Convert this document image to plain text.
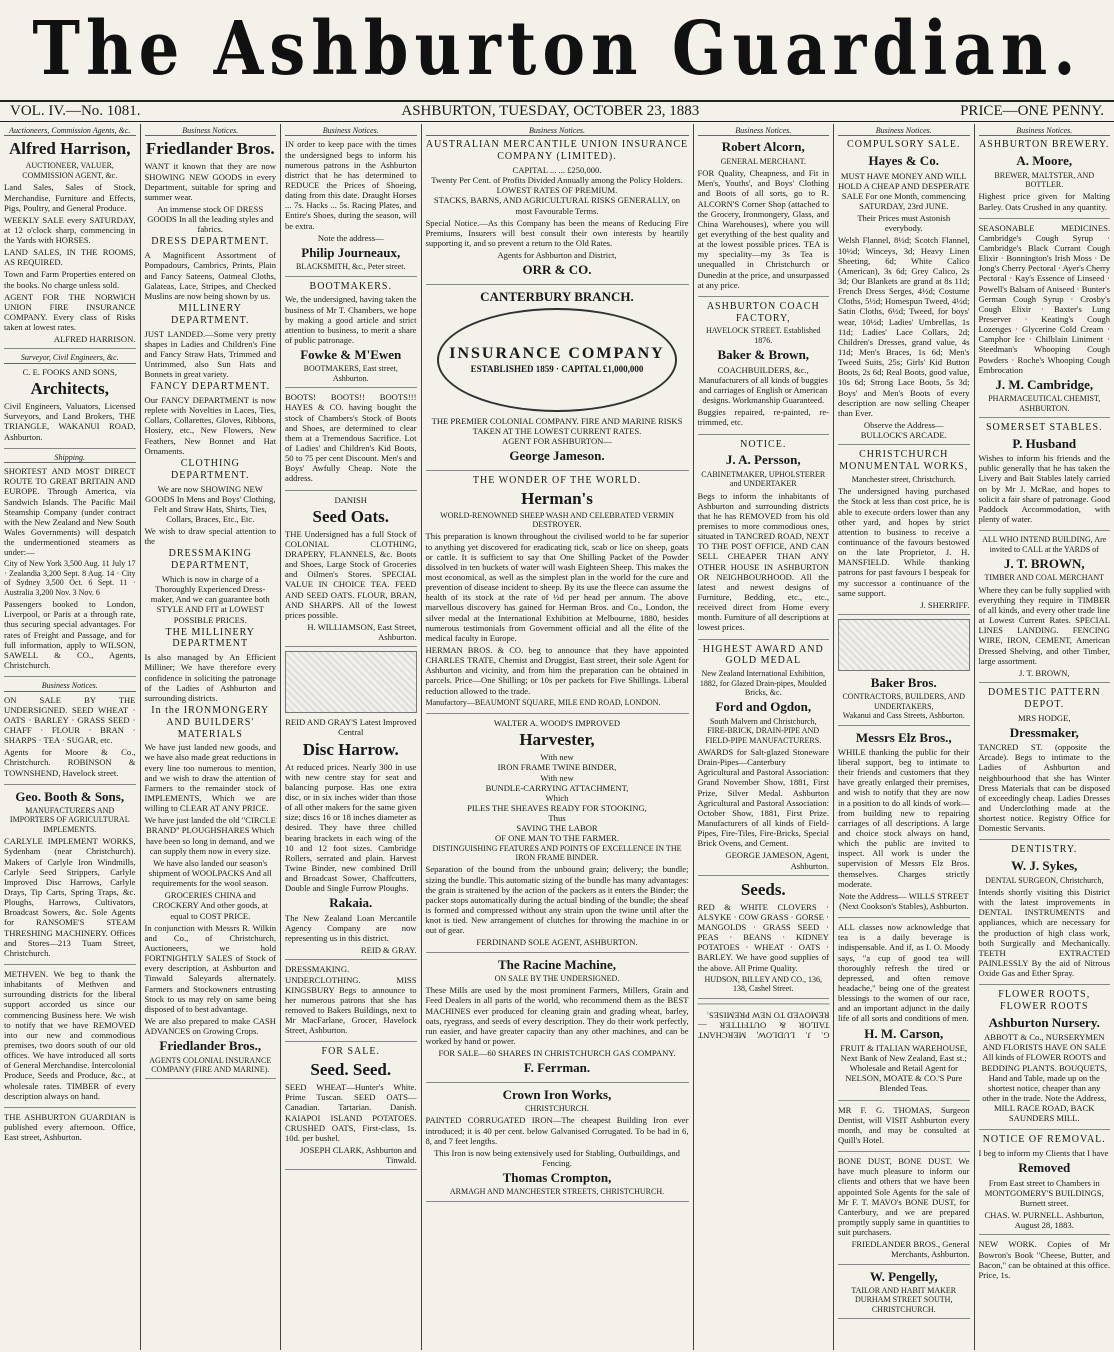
The Ashburton Guardian.
VOL. IV.—No. 1081.	ASHBURTON, TUESDAY, OCTOBER 23, 1883	PRICE—ONE PENNY.
Auctioneers, Commission Agents, &c.
Alfred Harrison,
AUCTIONEER, VALUER, COMMISSION AGENT, &c.

Land Sales, Sales of Stock, Merchandise, Furniture and Effects, Pigs, Poultry, and General Produce.

WEEKLY SALE every SATURDAY, at 12 o'clock sharp, commencing in the Yards with HORSES.

LAND SALES, IN THE ROOMS, AS REQUIRED.

Town and Farm Properties entered on the books. No charge unless sold.

AGENT FOR THE NORWICH UNION FIRE INSURANCE COMPANY. Every class of Risks taken at lowest rates.

ALFRED HARRISON.
Surveyor, Civil Engineers, &c.
C. E. FOOKS AND SONS,
Architects,

Civil Engineers, Valuators, Licensed Surveyors, and Land Brokers, THE TRIANGLE, WAKANUI ROAD, Ashburton.

Shipping.

SHORTEST AND MOST DIRECT ROUTE TO GREAT BRITAIN AND EUROPE. Through America, via Sandwich Islands. The Pacific Mail Steamship Company (under contract with the New Zealand and New South Wales Governments) will despatch the undermentioned steamers as under:—

City of New York 3,500 Aug. 11 July 17 · Zealandia 3,200 Sept. 8 Aug. 14 · City of Sydney 3,500 Oct. 6 Sept. 11 · Australia 3,200 Nov. 3 Nov. 6

Passengers booked to London, Liverpool, or Paris at a through rate, thus securing special advantages. For rates of Freight and Passage, and for full information, apply to WILSON, SAWELL & CO., Agents, Christchurch.

Business Notices.

ON SALE BY THE UNDERSIGNED. SEED WHEAT · OATS · BARLEY · GRASS SEED · CHAFF · FLOUR · BRAN · SHARPS · TEA · SUGAR, etc.

Agents for Moore & Co., Christchurch. ROBINSON & TOWNSHEND, Havelock street.

Geo. Booth & Sons,
MANUFACTURERS AND IMPORTERS OF AGRICULTURAL IMPLEMENTS.

CARLYLE IMPLEMENT WORKS, Sydenham (near Christchurch). Makers of Carlyle Iron Windmills, Carlyle Seed Strippers, Carlyle Improved Disc Harrows, Carlyle Drays, Tip Carts, Spring Traps, &c. Ploughs, Harrows, Cultivators, Broadcast Sowers, &c. Sole Agents for RANSOME'S STEAM THRESHING MACHINERY. Offices and Stores—213 Tuam Street, Christchurch.

METHVEN. We beg to thank the inhabitants of Methven and surrounding districts for the liberal support accorded us since our commencing Business here. We wish to notify that we have REMOVED into our new and commodious premises, two doors south of our old offices. We have introduced all sorts of General Merchandise. Intercolonial Produce, Seeds and Produce, &c., at wholesale rates. TIMBER of every description always on hand.

THE ASHBURTON GUARDIAN is published every afternoon. Office, East street, Ashburton.

Business Notices.
Friedlander Bros.

WANT it known that they are now SHOWING NEW GOODS in every Department, suitable for spring and summer wear.

An immense stock OF DRESS GOODS In all the leading styles and fabrics.

DRESS DEPARTMENT.

A Magnificent Assortment of Pompadours, Cambrics, Prints, Plain and Fancy Sateens, Oatmeal Cloths, Galateas, Lace, Stripes, and Checked Muslins are now being shown by us.

MILLINERY DEPARTMENT.

JUST LANDED.—Some very pretty shapes in Ladies and Children's Fine and Fancy Straw Hats, Trimmed and Untrimmed, also Sun Hats and Bonnets in great variety.

FANCY DEPARTMENT.

Our FANCY DEPARTMENT is now replete with Novelties in Laces, Ties, Collars, Collarettes, Gloves, Ribbons, Hosiery, etc., New Flowers, New Feathers, New Bonnet and Hat Ornaments.

CLOTHING DEPARTMENT.

We are now SHOWING NEW GOODS In Mens and Boys' Clothing, Felt and Straw Hats, Shirts, Ties, Collars, Braces, Etc., Etc.

We wish to draw special attention to the

DRESSMAKING DEPARTMENT,

Which is now in charge of a Thoroughly Experienced Dress-maker, And we can guarantee both STYLE AND FIT at LOWEST POSSIBLE PRICES.

THE MILLINERY DEPARTMENT

Is also managed by An Efficient Milliner; We have therefore every confidence in soliciting the patronage of the Ladies of Ashburton and surrounding districts.

In the IRONMONGERY AND BUILDERS' MATERIALS

We have just landed new goods, and we have also made great reductions in every line too numerous to mention, and we wish to draw the attention of Farmers to the remainder stock of IMPLEMENTS, Which we are willing to CLEAR AT ANY PRICE.

We have just landed the old "CIRCLE BRAND" PLOUGHSHARES Which have been so long in demand, and we can supply them now in every size.

We have also landed our season's shipment of WOOLPACKS And all requirements for the wool season.

GROCERIES CHINA and CROCKERY And other goods, at equal to COST PRICE.

In conjunction with Messrs R. Wilkin and Co., of Christchurch, Auctioneers, we hold FORTNIGHTLY SALES of Stock of every description, at Ashburton and Tinwald Saleyards alternately. Farmers and Stockowners entrusting Stock to us may rely on same being disposed of to best advantage.

We are also prepared to make CASH ADVANCES on Growing Crops.

Friedlander Bros.,
AGENTS COLONIAL INSURANCE COMPANY (FIRE AND MARINE).
Business Notices.

IN order to keep pace with the times the undersigned begs to inform his numerous patrons in the Ashburton district that he has determined to REDUCE the Prices of Shoeing, dating from this date. Draught Horses ... 7s. Hacks ... 5s. Racing Plates, and Entire's Shoes, during the season, will be extra.

Note the address—

Philip Journeaux,
BLACKSMITH, &c., Peter street.
BOOTMAKERS.

We, the undersigned, having taken the business of Mr T. Chambers, we hope by making a good article and strict attention to business, to merit a share of public patronage.

Fowke & M'Ewen
BOOTMAKERS, East street, Ashburton.

BOOTS! BOOTS!! BOOTS!!! HAYES & CO. having bought the stock of Chambers's Stock of Boots and Shoes, are determined to clear them at a Tremendous Sacrifice. Lot of Ladies' and Children's Kid Boots, 50 to 75 per cent Discount. Men's and Boys' Awfully Cheap. Note the address.

DANISH
Seed Oats.

THE Undersigned has a full Stock of COLONIAL CLOTHING, DRAPERY, FLANNELS, &c. Boots and Shoes, Large Stock of Groceries and Oilmen's Stores. SPECIAL VALUE IN CHOICE TEA. FEED AND SEED OATS. FLOUR, BRAN, AND SHARPS. All of the lowest prices possible.

H. WILLIAMSON, East Street, Ashburton.
REID AND GRAY'S Latest Improved Central
Disc Harrow.

At reduced prices. Nearly 300 in use with new centre stay for seat and balancing purpose. Has one extra disc, or in six inches wider than those of all other makers for the same given size; discs 16 or 18 inches diameter as desired. They have three chilled bearing brackets in each wing of the 10 and 12 foot sizes. Cambridge Rollers, serrated and plain. Harvest Twine Binder, new combined Drill and Broadcast Sower, Chaffcutters, Double and Single Furrow Ploughs.

Rakaia.

The New Zealand Loan Mercantile Agency Company are now representing us in this district.

REID & GRAY.

DRESSMAKING. UNDERCLOTHING. MISS KINGSBURY Begs to announce to her numerous patrons that she has removed to Bakers Buildings, next to Mr MacFarlane, Grocer, Havelock Street, Ashburton.

FOR SALE.
Seed. Seed.

SEED WHEAT—Hunter's White. Prime Tuscan. SEED OATS—Canadian. Tartarian. Danish. KAIAPOI ISLAND POTATOES. CRUSHED OATS, First-class, 1s. 10d. per bushel.

JOSEPH CLARK, Ashburton and Tinwald.
Business Notices.
AUSTRALIAN MERCANTILE UNION INSURANCE COMPANY (LIMITED).
CAPITAL ... ... £250,000.
Twenty Per Cent. of Profits Divided Annually among the Policy Holders.
LOWEST RATES OF PREMIUM.
STACKS, BARNS, AND AGRICULTURAL RISKS GENERALLY, on most Favourable Terms.

Special Notice.—As this Company has been the means of Reducing Fire Premiums, Insurers will best consult their own interests by heartily supporting it, and so prevent a return to the Old Rates.

Agents for Ashburton and District,
ORR & CO.
CANTERBURY BRANCH.
INSURANCE COMPANY
ESTABLISHED 1859 · CAPITAL £1,000,000
THE PREMIER COLONIAL COMPANY. FIRE AND MARINE RISKS TAKEN AT THE LOWEST CURRENT RATES.
AGENT FOR ASHBURTON—
George Jameson.
THE WONDER OF THE WORLD.
Herman's
WORLD-RENOWNED SHEEP WASH AND CELEBRATED VERMIN DESTROYER.

This preparation is known throughout the civilised world to be far superior to anything yet discovered for eradicating tick, scab or lice on sheep, goats or cattle. It is sufficient to say that One Shilling Packet of the Powder dissolved in ten buckets of water will wash Eighteen Sheep. This makes the most economical, as well as the simplest plan in the world for the cure and prevention of disease incident to sheep. By its use the fleece can assume the health of its stock at the rate of ½d per head per annum. The above marvellous discovery has gained for Herman Bros. and Co., London, the silver medal at the International Exhibition at Melbourne, 1880, besides numerous testimonials from Government official and all the élite of the medical faculty in Europe.

HERMAN BROS. & CO. beg to announce that they have appointed CHARLES TRATE, Chemist and Druggist, East street, their sole Agent for Ashburton and vicinity, and from him the preparation can be obtained in parcels. Price—One Shilling; or 10s per packets for Five Shillings. Liberal reduction allowed to the trade.

Manufactory—BEAUMONT SQUARE, MILE END ROAD, LONDON.

WALTER A. WOOD'S IMPROVED
Harvester,
With new
IRON FRAME TWINE BINDER,
With new
BUNDLE-CARRYING ATTACHMENT,
Which
PILES THE SHEAVES READY FOR STOOKING,
Thus
SAVING THE LABOR
OF ONE MAN TO THE FARMER.
DISTINGUISHING FEATURES AND POINTS OF EXCELLENCE IN THE IRON FRAME BINDER.

Separation of the bound from the unbound grain; delivery; the bundle; sizing the bundle. This automatic sizing of the bundle has many advantages: the grain is straitened by the action of the packers as it enters the Binder; the packer stops automatically during the actual binding of the bundle; the sheaf is formed and compressed without any strain upon the twine until after the knot is tied. New arrangement of clutches for throwing the machine in or out of gear.

FERDINAND SOLE AGENT, ASHBURTON.
The Racine Machine,
ON SALE BY THE UNDERSIGNED.

These Mills are used by the most prominent Farmers, Millers, Grain and Feed Dealers in all parts of the world, who recommend them as the BEST MACHINES ever produced for cleaning grain and grading wheat, barley, oats, ryegrass, and seeds of every description. They do their work perfectly, run easier, and have greater capacity than any other machines, and can be worked by hand or power.

FOR SALE—60 SHARES IN CHRISTCHURCH GAS COMPANY.
F. Ferrman.
Crown Iron Works,
CHRISTCHURCH.

PAINTED CORRUGATED IRON—The cheapest Building Iron ever introduced; it is 40 per cent. below Galvanised Corrugated. To be had in 6, 8, and 7 feet lengths.

This Iron is now being extensively used for Stabling, Outbuildings, and Fencing.

Thomas Crompton,
ARMAGH AND MANCHESTER STREETS, CHRISTCHURCH.
Business Notices.
Robert Alcorn,
GENERAL MERCHANT.

FOR Quality, Cheapness, and Fit in Men's, Youths', and Boys' Clothing and Boots of all sorts, go to R. ALCORN'S Corner Shop (attached to the Grocery, Ironmongery, Glass, and China Warehouses), where you will get everything of the best quality and at the lowest possible prices. TEA is my speciality—my 3s Tea is unequalled in Christchurch or Dunedin at the price, and unsurpassed at any price.

ASHBURTON COACH FACTORY,
HAVELOCK STREET. Established 1876.
Baker & Brown,

COACHBUILDERS, &c., Manufacturers of all kinds of buggies and carriages of English or American designs. Workmanship Guaranteed.

Buggies repaired, re-painted, re-trimmed, etc.

NOTICE.
J. A. Persson,
CABINETMAKER, UPHOLSTERER and UNDERTAKER

Begs to inform the inhabitants of Ashburton and surrounding districts that he has REMOVED from his old premises to more commodious ones, situated in TANCRED ROAD, NEXT TO THE POST OFFICE, AND CAN SELL CHEAPER THAN ANY OTHER HOUSE IN ASHBURTON OR NEIGHBOURHOOD. All the latest and newest designs of Furniture, Bedding, etc., etc., received direct from Home every month. Furniture of all descriptions at lowest prices.

HIGHEST AWARD AND GOLD MEDAL
New Zealand International Exhibition, 1882, for Glazed Drain-pipes, Moulded Bricks, &c.
Ford and Ogdon,
South Malvern and Christchurch,
FIRE-BRICK, DRAIN-PIPE AND FIELD-PIPE MANUFACTURERS.

AWARDS for Salt-glazed Stoneware Drain-Pipes—Canterbury Agricultural and Pastoral Association: Grand November Show, 1881, First Prize, Silver Medal. Ashburton Agricultural and Pastoral Association: October Show, 1881, First Prize. Manufacturers of all kinds of Field-Pipes, Fire-Tiles, Fire-Bricks, Special Brick Ovens, and Cement.

GEORGE JAMESON, Agent, Ashburton.
Seeds.

RED & WHITE CLOVERS · ALSYKE · COW GRASS · GORSE · MANGOLDS · GRASS SEED · PEAS · BEANS · KIDNEY POTATOES · WHEAT · OATS · BARLEY. We have good supplies of the above. All Prime Quality.

HUDSON, BILLEY AND CO., 136, 138, Cashel Street.

G. J. LUDLOW, MERCHANT TAILOR & OUTFITTER — REMOVED TO NEW PREMISES.

Business Notices.
COMPULSORY SALE.
Hayes & Co.

MUST HAVE MONEY AND WILL HOLD A CHEAP AND DESPERATE SALE For one Month, commencing SATURDAY, 23rd JUNE.

Their Prices must Astonish everybody.

Welsh Flannel, 8½d; Scotch Flannel, 10½d; Winceys, 3d; Heavy Linen Sheeting, 6d; White Calico (American), 3s 6d; Grey Calico, 2s 3d; Our Blankets are grand at 8s 11d; French Dress Serges, 4½d; Costume Cloths, 5½d; Homespun Tweed, 4½d; Satin Cloths, 6½d; Tweed, for boys' wear, 10½d; Ladies' Umbrellas, 1s 11d; Ladies' Lace Collars, 2d; Children's Dresses, grand value, 4s 11d; Men's Braces, 1s 6d; Men's Tweed Suits, 25s; Girls' Kid Button Boots, 2s 6d; Real Boots, good value, 10s 6d; Strong Lace Boots, 5s 3d; Boys' and Men's Boots of every description are now selling Cheaper than Ever.

Observe the Address—
BULLOCK'S ARCADE.
CHRISTCHURCH MONUMENTAL WORKS,
Manchester street, Christchurch.

The undersigned having purchased the Stock at less than cost price, he is able to execute orders lower than any other yard, and hopes by strict attention to business to receive a continuance of the favours bestowed on the late Proprietor, J. H. MANSFIELD. While thanking patrons for past favours I bespeak for my successor a continuance of the same support.

J. SHERRIFF.
Baker Bros.
CONTRACTORS, BUILDERS, AND UNDERTAKERS,
Wakanui and Cass Streets, Ashburton.
Messrs Elz Bros.,

WHILE thanking the public for their liberal support, beg to intimate to their friends and customers that they have greatly enlarged their premises, and wish to notify that they are now in a position to do all kinds of work—from building new to repairing carriages of all descriptions. A large and choice stock always on hand, which the public are invited to inspect. All work is under the supervision of Messrs Elz Bros. themselves. Charges strictly moderate.

Note the Address— WILLS STREET (Next Cookson's Stables), Ashburton.

ALL classes now acknowledge that tea is a daily beverage is indispensable. And if, as I. O. Moody says, "a cup of good tea will thoroughly refresh the tired or depressed, and often remove headache," being one of the greatest blessings to the women of our race, and an important adjunct in the daily life of all sorts and conditions of men.

H. M. Carson,

FRUIT & ITALIAN WAREHOUSE, Next Bank of New Zealand, East st.; Wholesale and Retail Agent for NELSON, MOATE & CO.'S Pure Blended Teas.

MR F. G. THOMAS, Surgeon Dentist, will VISIT Ashburton every month, and may be consulted at Quill's Hotel.

BONE DUST, BONE DUST. We have much pleasure to inform our clients and others that we have been appointed Sole Agents for the sale of Mr F. T. MAVO's BONE DUST, for Canterbury, and we are prepared promptly supply same in quantities to suit purchasers.

FRIEDLANDER BROS., General Merchants, Ashburton.
W. Pengelly,
TAILOR AND HABIT MAKER
DURHAM STREET SOUTH, CHRISTCHURCH.
Business Notices.
ASHBURTON BREWERY.
A. Moore,
BREWER, MALTSTER, AND BOTTLER.

Highest price given for Malting Barley. Oats Crushed in any quantity.

SEASONABLE MEDICINES. Cambridge's Cough Syrup · Cambridge's Black Currant Cough Elixir · Bonnington's Irish Moss · De Jong's Cherry Pectoral · Ayer's Cherry Pectoral · Kay's Essence of Linseed · Powell's Balsam of Aniseed · Bunter's German Cough Syrup · Crosby's Cough Elixir · Baxter's Lung Preserver · Keating's Cough Lozenges · Glycerine Cold Cream · Camphor Ice · Chilblain Liniment · Steedman's Whooping Cough Powders · Roche's Whooping Cough Embrocation

J. M. Cambridge,
PHARMACEUTICAL CHEMIST, ASHBURTON.
SOMERSET STABLES.
P. Husband

Wishes to inform his friends and the public generally that he has taken the Livery and Bait Stables lately carried on by Mr J. McRae, and hopes to solicit a fair share of patronage. Good Paddock Accommodation, with plenty of water.

ALL WHO INTEND BUILDING, Are invited to CALL at the YARDS of
J. T. BROWN,
TIMBER AND COAL MERCHANT

Where they can be fully supplied with everything they require in TIMBER of all kinds, and every other trade line at Lowest Current Rates. SPECIAL LINES LANDING. FENCING WIRE, IRON, CEMENT, American Dressed Shelving, and other Timber, large assortment.

J. T. BROWN,
DOMESTIC PATTERN DEPOT.
MRS HODGE,
Dressmaker,

TANCRED ST. (opposite the Arcade). Begs to intimate to the Ladies of Ashburton and neighbourhood that she has Winter Dress Materials that can be disposed of exceedingly cheap. Ladies Dresses and Underclothing made at the shortest notice. Registry Office for Domestic Servants.

DENTISTRY.
W. J. Sykes,
DENTAL SURGEON, Christchurch,

Intends shortly visiting this District with the latest improvements in DENTAL INSTRUMENTS and appliances, which are necessary for the production of high class work, both Surgically and Mechanically. TEETH EXTRACTED PAINLESSLY By the aid of Nitrous Oxide Gas and Ether Spray.

FLOWER ROOTS, FLOWER ROOTS
Ashburton Nursery.

ABBOTT & Co., NURSERYMEN AND FLORISTS HAVE ON SALE All kinds of FLOWER ROOTS and BEDDING PLANTS. BOUQUETS, Hand and Table, made up on the shortest notice, cheaper than any other in the trade. Note the Address, MILL RACE ROAD, BACK SAUNDERS MILL.

NOTICE OF REMOVAL.

I beg to inform my Clients that I have

Removed

From East street to Chambers in MONTGOMERY'S BUILDINGS, Burnett street.

CHAS. W. PURNELL. Ashburton, August 28, 1883.

NEW WORK. Copies of Mr Bowron's Book "Cheese, Butter, and Bacon," can be obtained at this office. Price, 1s.
